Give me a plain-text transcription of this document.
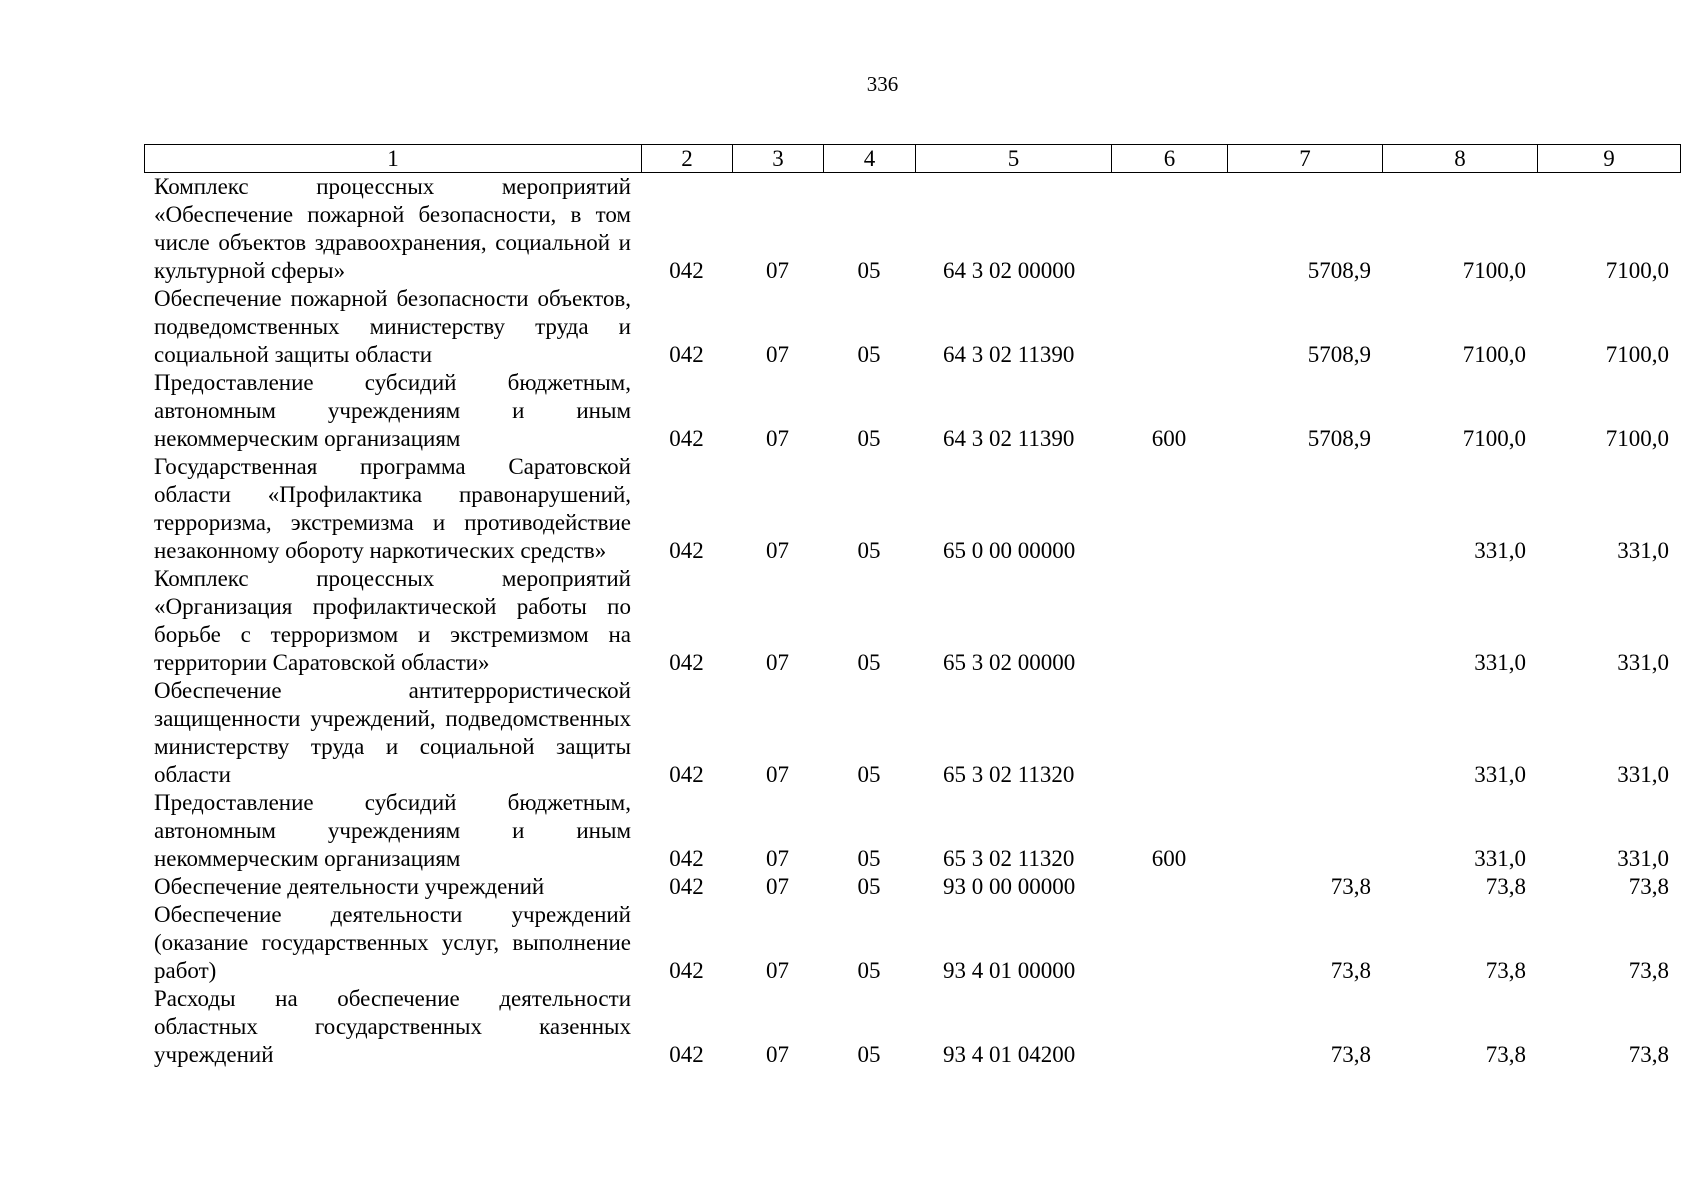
336
1	2	3	4	5	6	7	8	9
Комплекс процессных мероприятий «Обеспечение пожарной безопасности, в том числе объектов здравоохранения, социальной и культурной сферы»	042	07	05	64 3 02 00000		5708,9	7100,0	7100,0
Обеспечение пожарной безопасности объектов, подведомственных министерству труда и социальной защиты области	042	07	05	64 3 02 11390		5708,9	7100,0	7100,0
Предоставление субсидий бюджетным, автономным учреждениям и иным некоммерческим организациям	042	07	05	64 3 02 11390	600	5708,9	7100,0	7100,0
Государственная программа Саратовской области «Профилактика правонарушений, терроризма, экстремизма и противодействие незаконному обороту наркотических средств»	042	07	05	65 0 00 00000			331,0	331,0
Комплекс процессных мероприятий «Организация профилактической работы по борьбе с терроризмом и экстремизмом на территории Саратовской области»	042	07	05	65 3 02 00000			331,0	331,0
Обеспечение антитеррористической защищенности учреждений, подведомственных министерству труда и социальной защиты области	042	07	05	65 3 02 11320			331,0	331,0
Предоставление субсидий бюджетным, автономным учреждениям и иным некоммерческим организациям	042	07	05	65 3 02 11320	600		331,0	331,0
Обеспечение деятельности учреждений	042	07	05	93 0 00 00000		73,8	73,8	73,8
Обеспечение деятельности учреждений (оказание государственных услуг, выполнение работ)	042	07	05	93 4 01 00000		73,8	73,8	73,8
Расходы на обеспечение деятельности областных государственных казенных учреждений	042	07	05	93 4 01 04200		73,8	73,8	73,8
